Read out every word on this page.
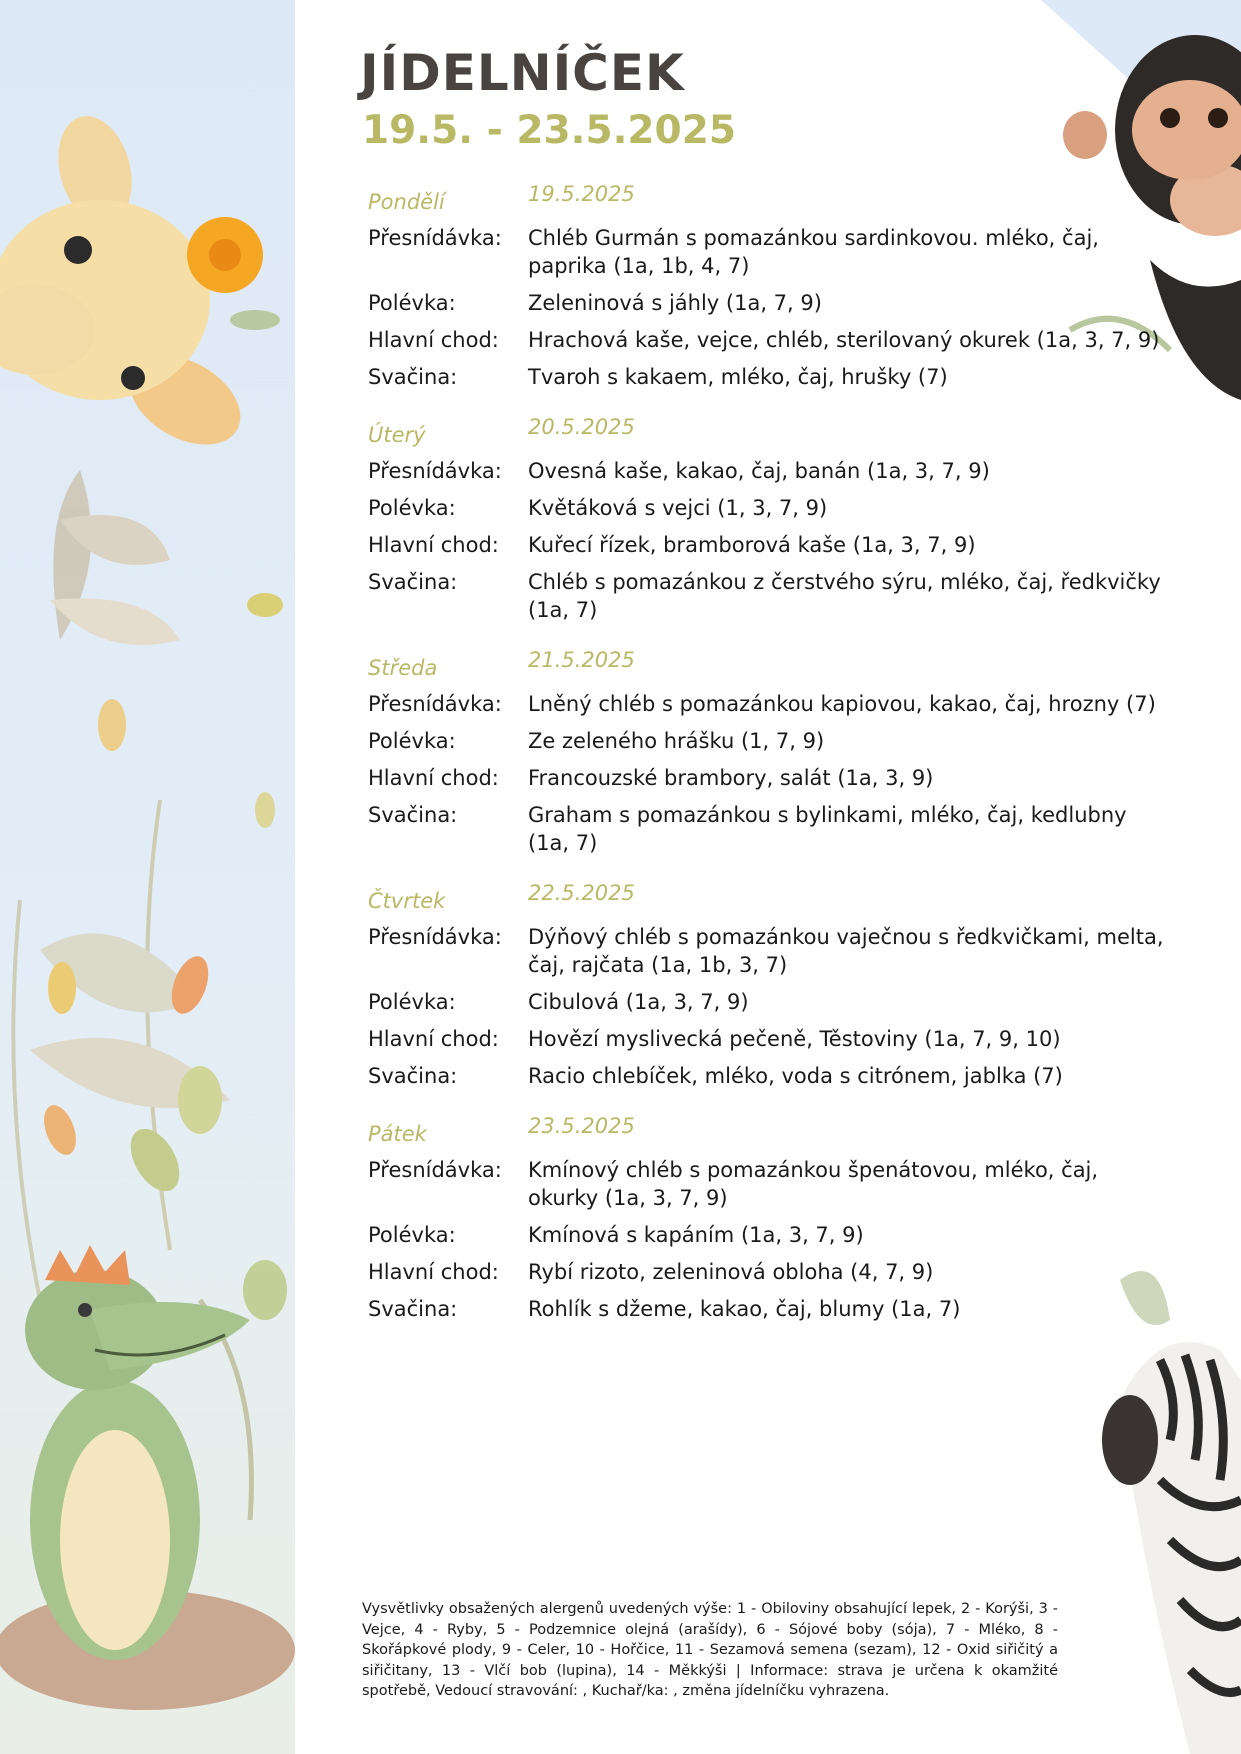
JÍDELNÍČEK
19.5. - 23.5.2025
Pondělí	19.5.2025
Přesnídávka:	Chléb Gurmán s pomazánkou sardinkovou. mléko, čaj, paprika (1a, 1b, 4, 7)
Polévka:	Zeleninová s jáhly (1a, 7, 9)
Hlavní chod:	Hrachová kaše, vejce, chléb, sterilovaný okurek (1a, 3, 7, 9)
Svačina:	Tvaroh s kakaem, mléko, čaj, hrušky (7)
Úterý	20.5.2025
Přesnídávka:	Ovesná kaše, kakao, čaj, banán (1a, 3, 7, 9)
Polévka:	Květáková s vejci (1, 3, 7, 9)
Hlavní chod:	Kuřecí řízek, bramborová kaše (1a, 3, 7, 9)
Svačina:	Chléb s pomazánkou z čerstvého sýru, mléko, čaj, ředkvičky (1a, 7)
Středa	21.5.2025
Přesnídávka:	Lněný chléb s pomazánkou kapiovou, kakao, čaj, hrozny (7)
Polévka:	Ze zeleného hrášku (1, 7, 9)
Hlavní chod:	Francouzské brambory, salát (1a, 3, 9)
Svačina:	Graham s pomazánkou s bylinkami, mléko, čaj, kedlubny (1a, 7)
Čtvrtek	22.5.2025
Přesnídávka:	Dýňový chléb s pomazánkou vaječnou s ředkvičkami, melta, čaj, rajčata (1a, 1b, 3, 7)
Polévka:	Cibulová (1a, 3, 7, 9)
Hlavní chod:	Hovězí myslivecká pečeně, Těstoviny (1a, 7, 9, 10)
Svačina:	Racio chlebíček, mléko, voda s citrónem, jablka (7)
Pátek	23.5.2025
Přesnídávka:	Kmínový chléb s pomazánkou špenátovou, mléko, čaj, okurky (1a, 3, 7, 9)
Polévka:	Kmínová s kapáním (1a, 3, 7, 9)
Hlavní chod:	Rybí rizoto, zeleninová obloha (4, 7, 9)
Svačina:	Rohlík s džeme, kakao, čaj, blumy (1a, 7)

Vysvětlivky obsažených alergenů uvedených výše: 1 - Obiloviny obsahující lepek, 2 - Korýši, 3 - Vejce, 4 - Ryby, 5 - Podzemnice olejná (arašídy), 6 - Sójové boby (sója), 7 - Mléko, 8 - Skořápkové plody, 9 - Celer, 10 - Hořčice, 11 - Sezamová semena (sezam), 12 - Oxid siřičitý a siřičitany, 13 - Vlčí bob (lupina), 14 - Měkkýši | Informace: strava je určena k okamžité spotřebě, Vedoucí stravování: , Kuchař/ka: , změna jídelníčku vyhrazena.
